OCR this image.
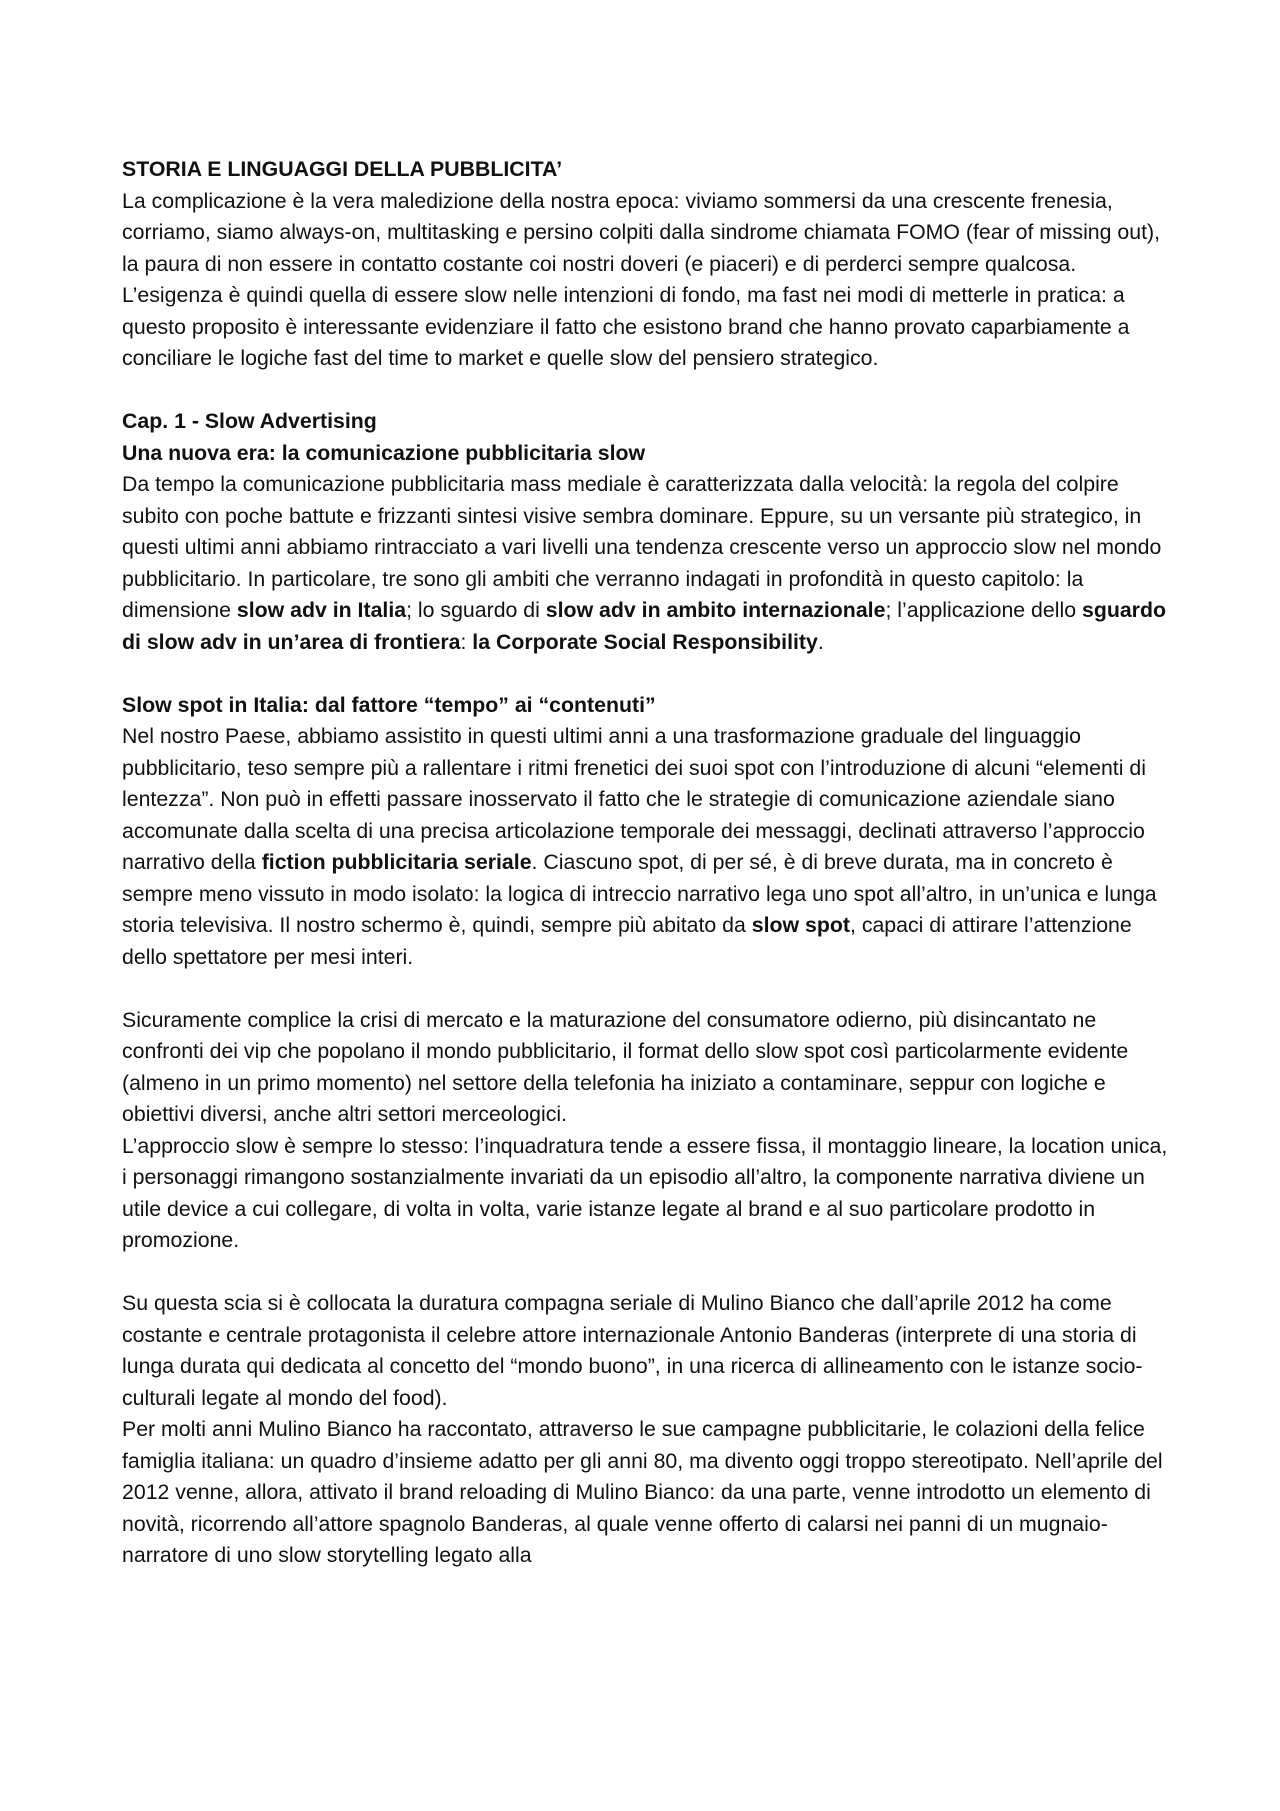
STORIA E LINGUAGGI DELLA PUBBLICITA’

La complicazione è la vera maledizione della nostra epoca: viviamo sommersi da una crescente frenesia, corriamo, siamo always-on, multitasking e persino colpiti dalla sindrome chiamata FOMO (fear of missing out), la paura di non essere in contatto costante coi nostri doveri (e piaceri) e di perderci sempre qualcosa. L’esigenza è quindi quella di essere slow nelle intenzioni di fondo, ma fast nei modi di metterle in pratica: a questo proposito è interessante evidenziare il fatto che esistono brand che hanno provato caparbiamente a conciliare le logiche fast del time to market e quelle slow del pensiero strategico.

Cap. 1 - Slow Advertising
Una nuova era: la comunicazione pubblicitaria slow

Da tempo la comunicazione pubblicitaria mass mediale è caratterizzata dalla velocità: la regola del colpire subito con poche battute e frizzanti sintesi visive sembra dominare. Eppure, su un versante più strategico, in questi ultimi anni abbiamo rintracciato a vari livelli una tendenza crescente verso un approccio slow nel mondo pubblicitario. In particolare, tre sono gli ambiti che verranno indagati in profondità in questo capitolo: la dimensione slow adv in Italia; lo sguardo di slow adv in ambito internazionale; l’applicazione dello sguardo di slow adv in un’area di frontiera: la Corporate Social Responsibility.

Slow spot in Italia: dal fattore “tempo” ai “contenuti”

Nel nostro Paese, abbiamo assistito in questi ultimi anni a una trasformazione graduale del linguaggio pubblicitario, teso sempre più a rallentare i ritmi frenetici dei suoi spot con l’introduzione di alcuni “elementi di lentezza”. Non può in effetti passare inosservato il fatto che le strategie di comunicazione aziendale siano accomunate dalla scelta di una precisa articolazione temporale dei messaggi, declinati attraverso l’approccio narrativo della fiction pubblicitaria seriale. Ciascuno spot, di per sé, è di breve durata, ma in concreto è sempre meno vissuto in modo isolato: la logica di intreccio narrativo lega uno spot all’altro, in un’unica e lunga storia televisiva. Il nostro schermo è, quindi, sempre più abitato da slow spot, capaci di attirare l’attenzione dello spettatore per mesi interi.

Sicuramente complice la crisi di mercato e la maturazione del consumatore odierno, più disincantato ne confronti dei vip che popolano il mondo pubblicitario, il format dello slow spot così particolarmente evidente (almeno in un primo momento) nel settore della telefonia ha iniziato a contaminare, seppur con logiche e obiettivi diversi, anche altri settori merceologici.

L’approccio slow è sempre lo stesso: l’inquadratura tende a essere fissa, il montaggio lineare, la location unica, i personaggi rimangono sostanzialmente invariati da un episodio all’altro, la componente narrativa diviene un utile device a cui collegare, di volta in volta, varie istanze legate al brand e al suo particolare prodotto in promozione.

Su questa scia si è collocata la duratura compagna seriale di Mulino Bianco che dall’aprile 2012 ha come costante e centrale protagonista il celebre attore internazionale Antonio Banderas (interprete di una storia di lunga durata qui dedicata al concetto del “mondo buono”, in una ricerca di allineamento con le istanze socio-culturali legate al mondo del food).

Per molti anni Mulino Bianco ha raccontato, attraverso le sue campagne pubblicitarie, le colazioni della felice famiglia italiana: un quadro d’insieme adatto per gli anni 80, ma divento oggi troppo stereotipato. Nell’aprile del 2012 venne, allora, attivato il brand reloading di Mulino Bianco: da una parte, venne introdotto un elemento di novità, ricorrendo all’attore spagnolo Banderas, al quale venne offerto di calarsi nei panni di un mugnaio-narratore di uno slow storytelling legato alla
